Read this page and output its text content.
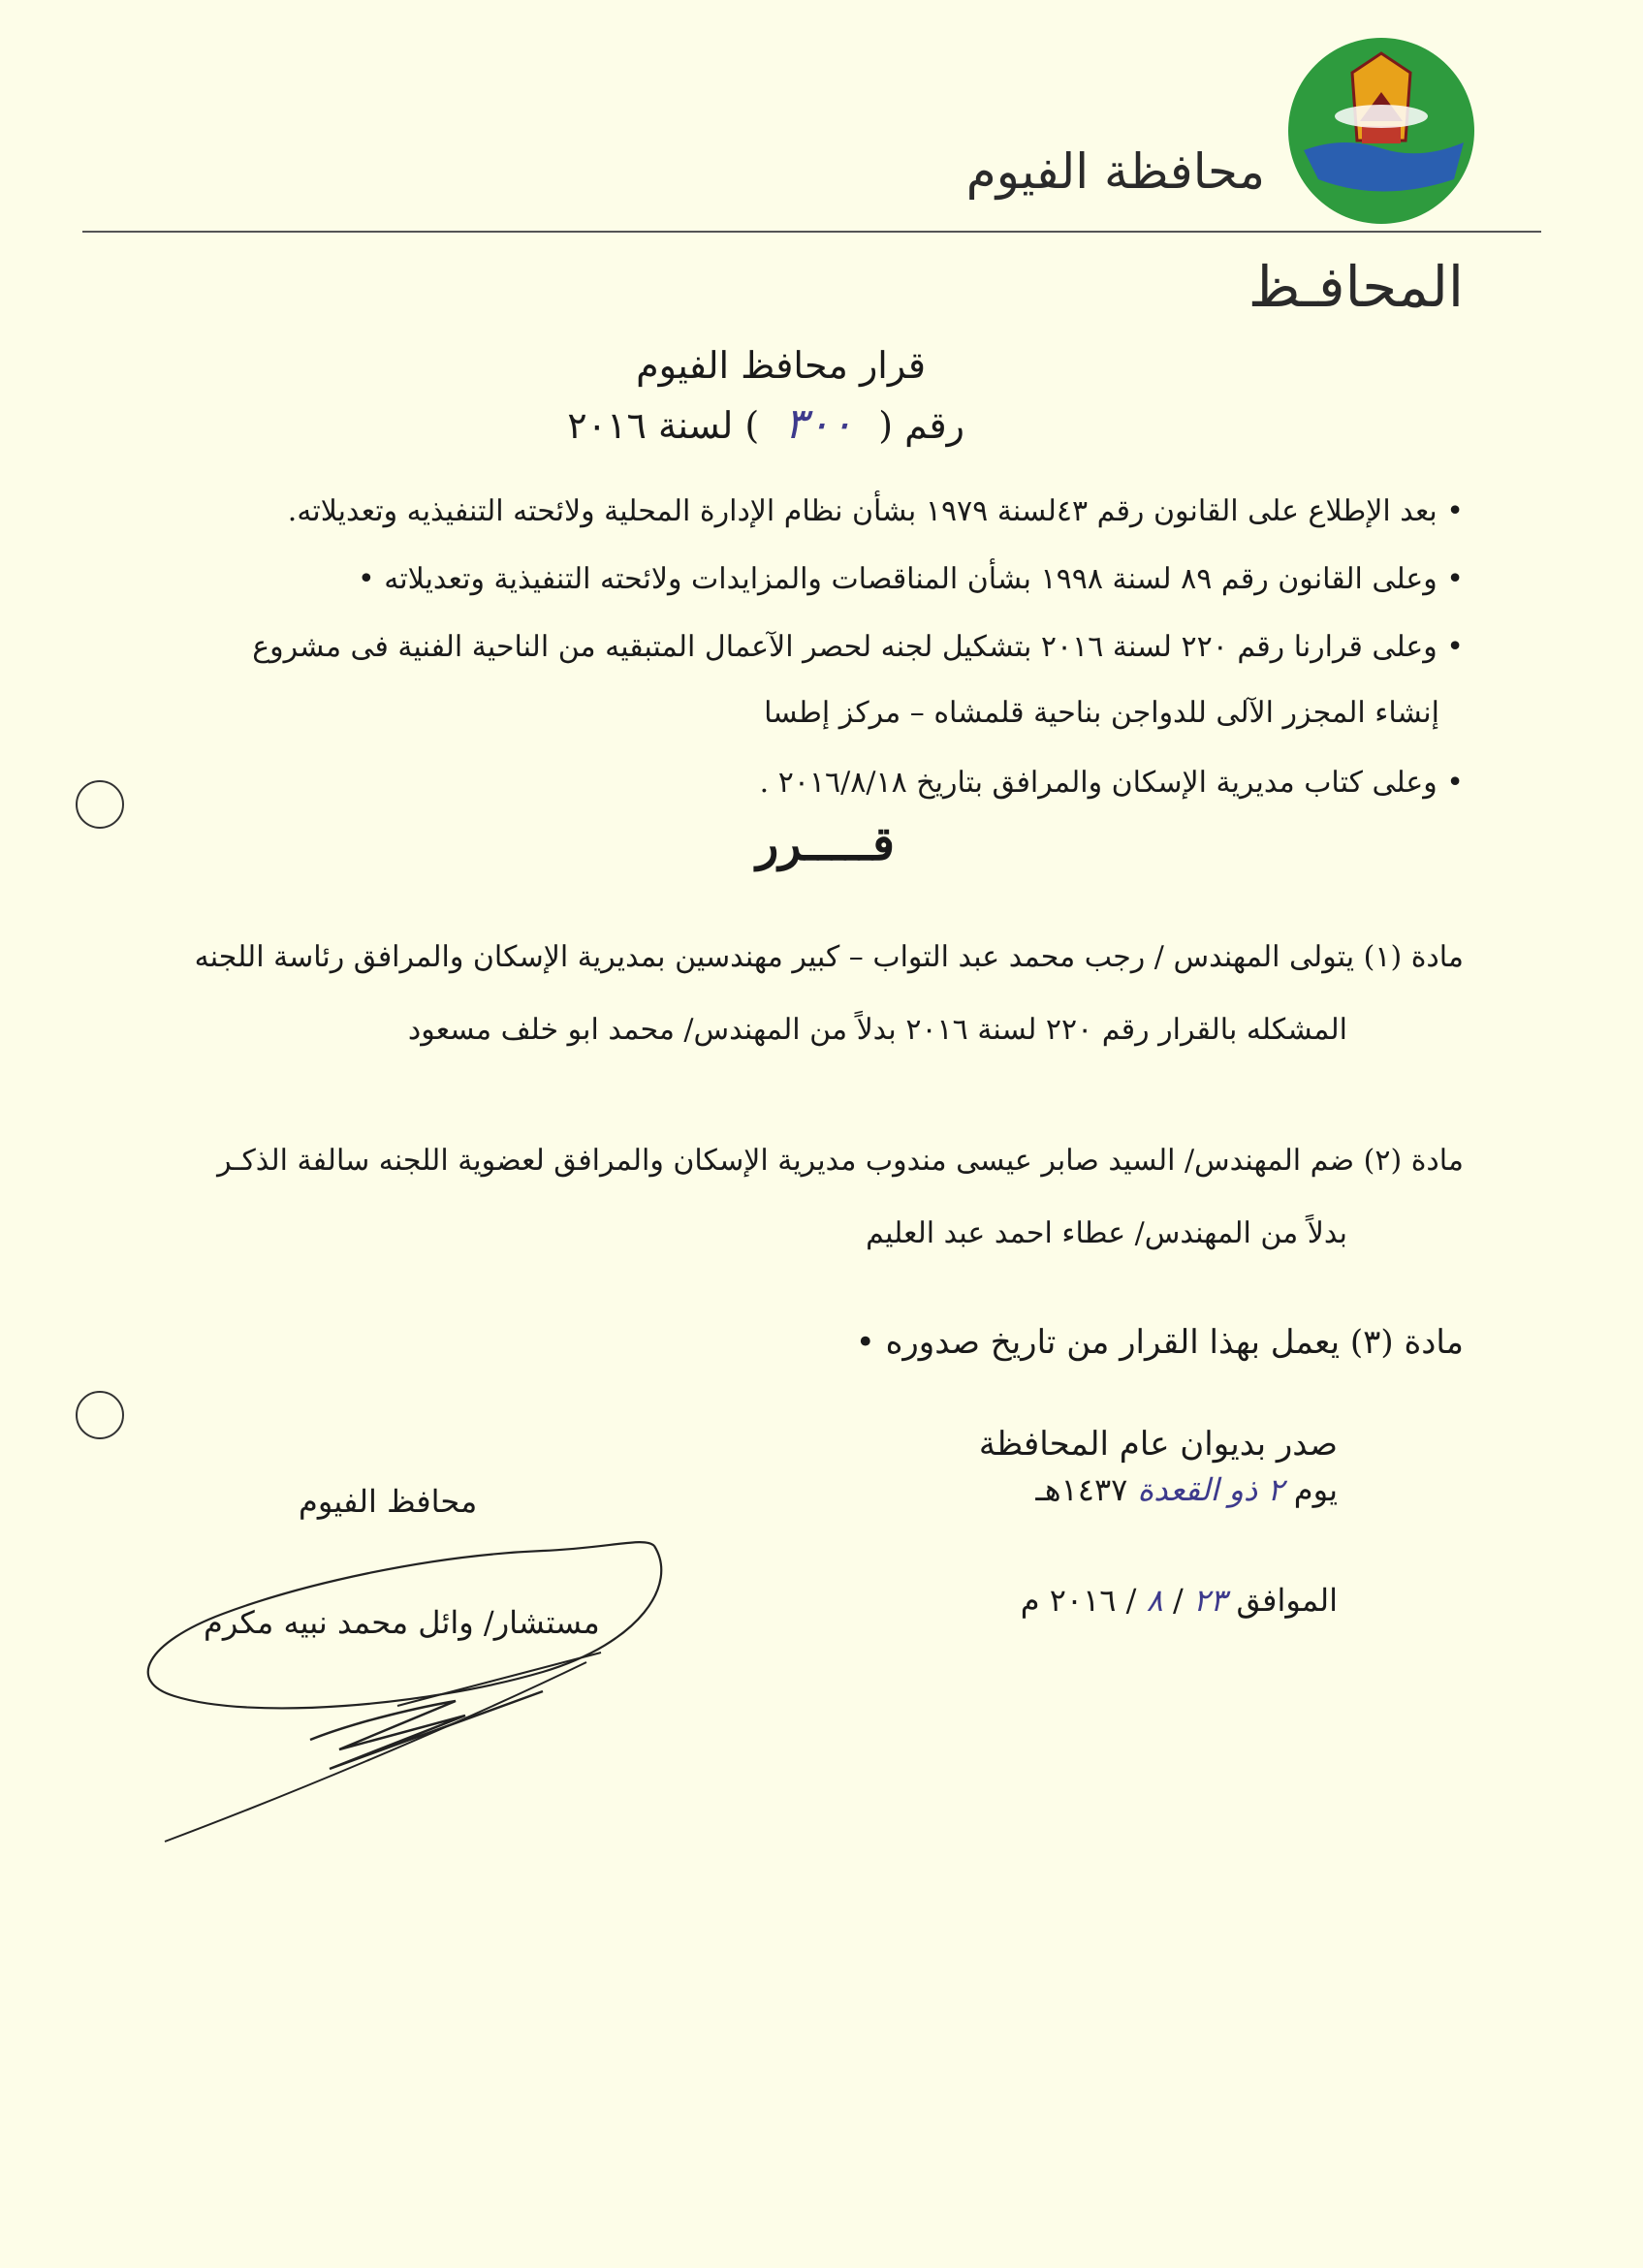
محافظة الفيوم
المحافـظ
قرار محافظ الفيوم
رقم ( ٣٠٠ ) لسنة ٢٠١٦
• بعد الإطلاع على القانون رقم ٤٣لسنة ١٩٧٩ بشأن نظام الإدارة المحلية ولائحته التنفيذيه وتعديلاته.
• وعلى القانون رقم ٨٩ لسنة ١٩٩٨ بشأن المناقصات والمزايدات ولائحته التنفيذية وتعديلاته •
• وعلى قرارنا رقم ٢٢٠ لسنة ٢٠١٦ بتشكيل لجنه لحصر الآعمال المتبقيه من الناحية الفنية فى مشروع
إنشاء المجزر الآلى للدواجن بناحية قلمشاه – مركز إطسا
• وعلى كتاب مديرية الإسكان والمرافق بتاريخ ٢٠١٦/٨/١٨ .
قـــــرر
مادة (١) يتولى المهندس / رجب محمد عبد التواب – كبير مهندسين بمديرية الإسكان والمرافق رئاسة اللجنه
المشكله بالقرار رقم ٢٢٠ لسنة ٢٠١٦ بدلاً من المهندس/ محمد ابو خلف مسعود
مادة (٢) ضم المهندس/ السيد صابر عيسى مندوب مديرية الإسكان والمرافق لعضوية اللجنه سالفة الذكـر
بدلاً من المهندس/ عطاء احمد عبد العليم
مادة (٣) يعمل بهذا القرار من تاريخ صدوره •
صدر بديوان عام المحافظة
يوم ٢ ذو القعدة ١٤٣٧هـ
الموافق ٢٣ / ٨ / ٢٠١٦ م
محافظ الفيوم
مستشار/ وائل محمد نبيه مكرم
